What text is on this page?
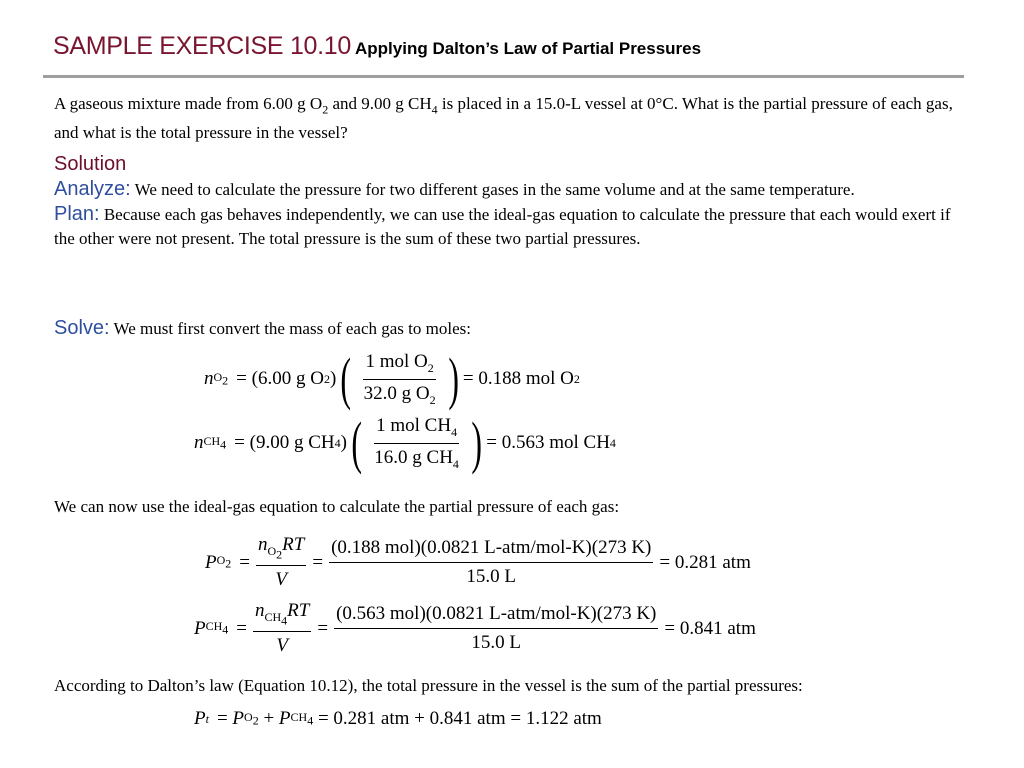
SAMPLE EXERCISE 10.10 Applying Dalton’s Law of Partial Pressures
A gaseous mixture made from 6.00 g $O_2$ and 9.00 g $CH_4$ is placed in a 15.0-L vessel at 0°C. What is the partial pressure of each gas, and what is the total pressure in the vessel?
Solution
Analyze: We need to calculate the pressure for two different gases in the same volume and at the same temperature.
Plan: Because each gas behaves independently, we can use the ideal-gas equation to calculate the pressure that each would exert if the other were not present. The total pressure is the sum of these two partial pressures.
Solve: We must first convert the mass of each gas to moles:
n $O_2 = (6.00$ g O 2 ) ( $\frac{1 mol O_2}{32.0 g O_2}$ ) = 0.188 mol O 2
n $CH_4 = (9.00$ g CH 4 ) ( $\frac{1 mol CH_4}{16.0 g CH_4}$ ) = 0.563 mol CH 4
We can now use the ideal-gas equation to calculate the partial pressure of each gas:
P $O_2 = \frac{n_{O_2}RT}{V} = \frac{\text{(0.188 mol)(0.0821 L-atm/mol-K)(273 K)}}{15.0 L} = 0.281$ atm
P $CH_4 = \frac{n_{CH_4}RT}{V} = \frac{\text{(0.563 mol)(0.0821 L-atm/mol-K)(273 K)}}{15.0 L} = 0.841$ atm
According to Dalton’s law (Equation 10.12), the total pressure in the vessel is the sum of the partial pressures:
P t =
P $O_2 + P$ $CH_4 = 0.281$ atm + 0.841 atm = 1.122 atm
